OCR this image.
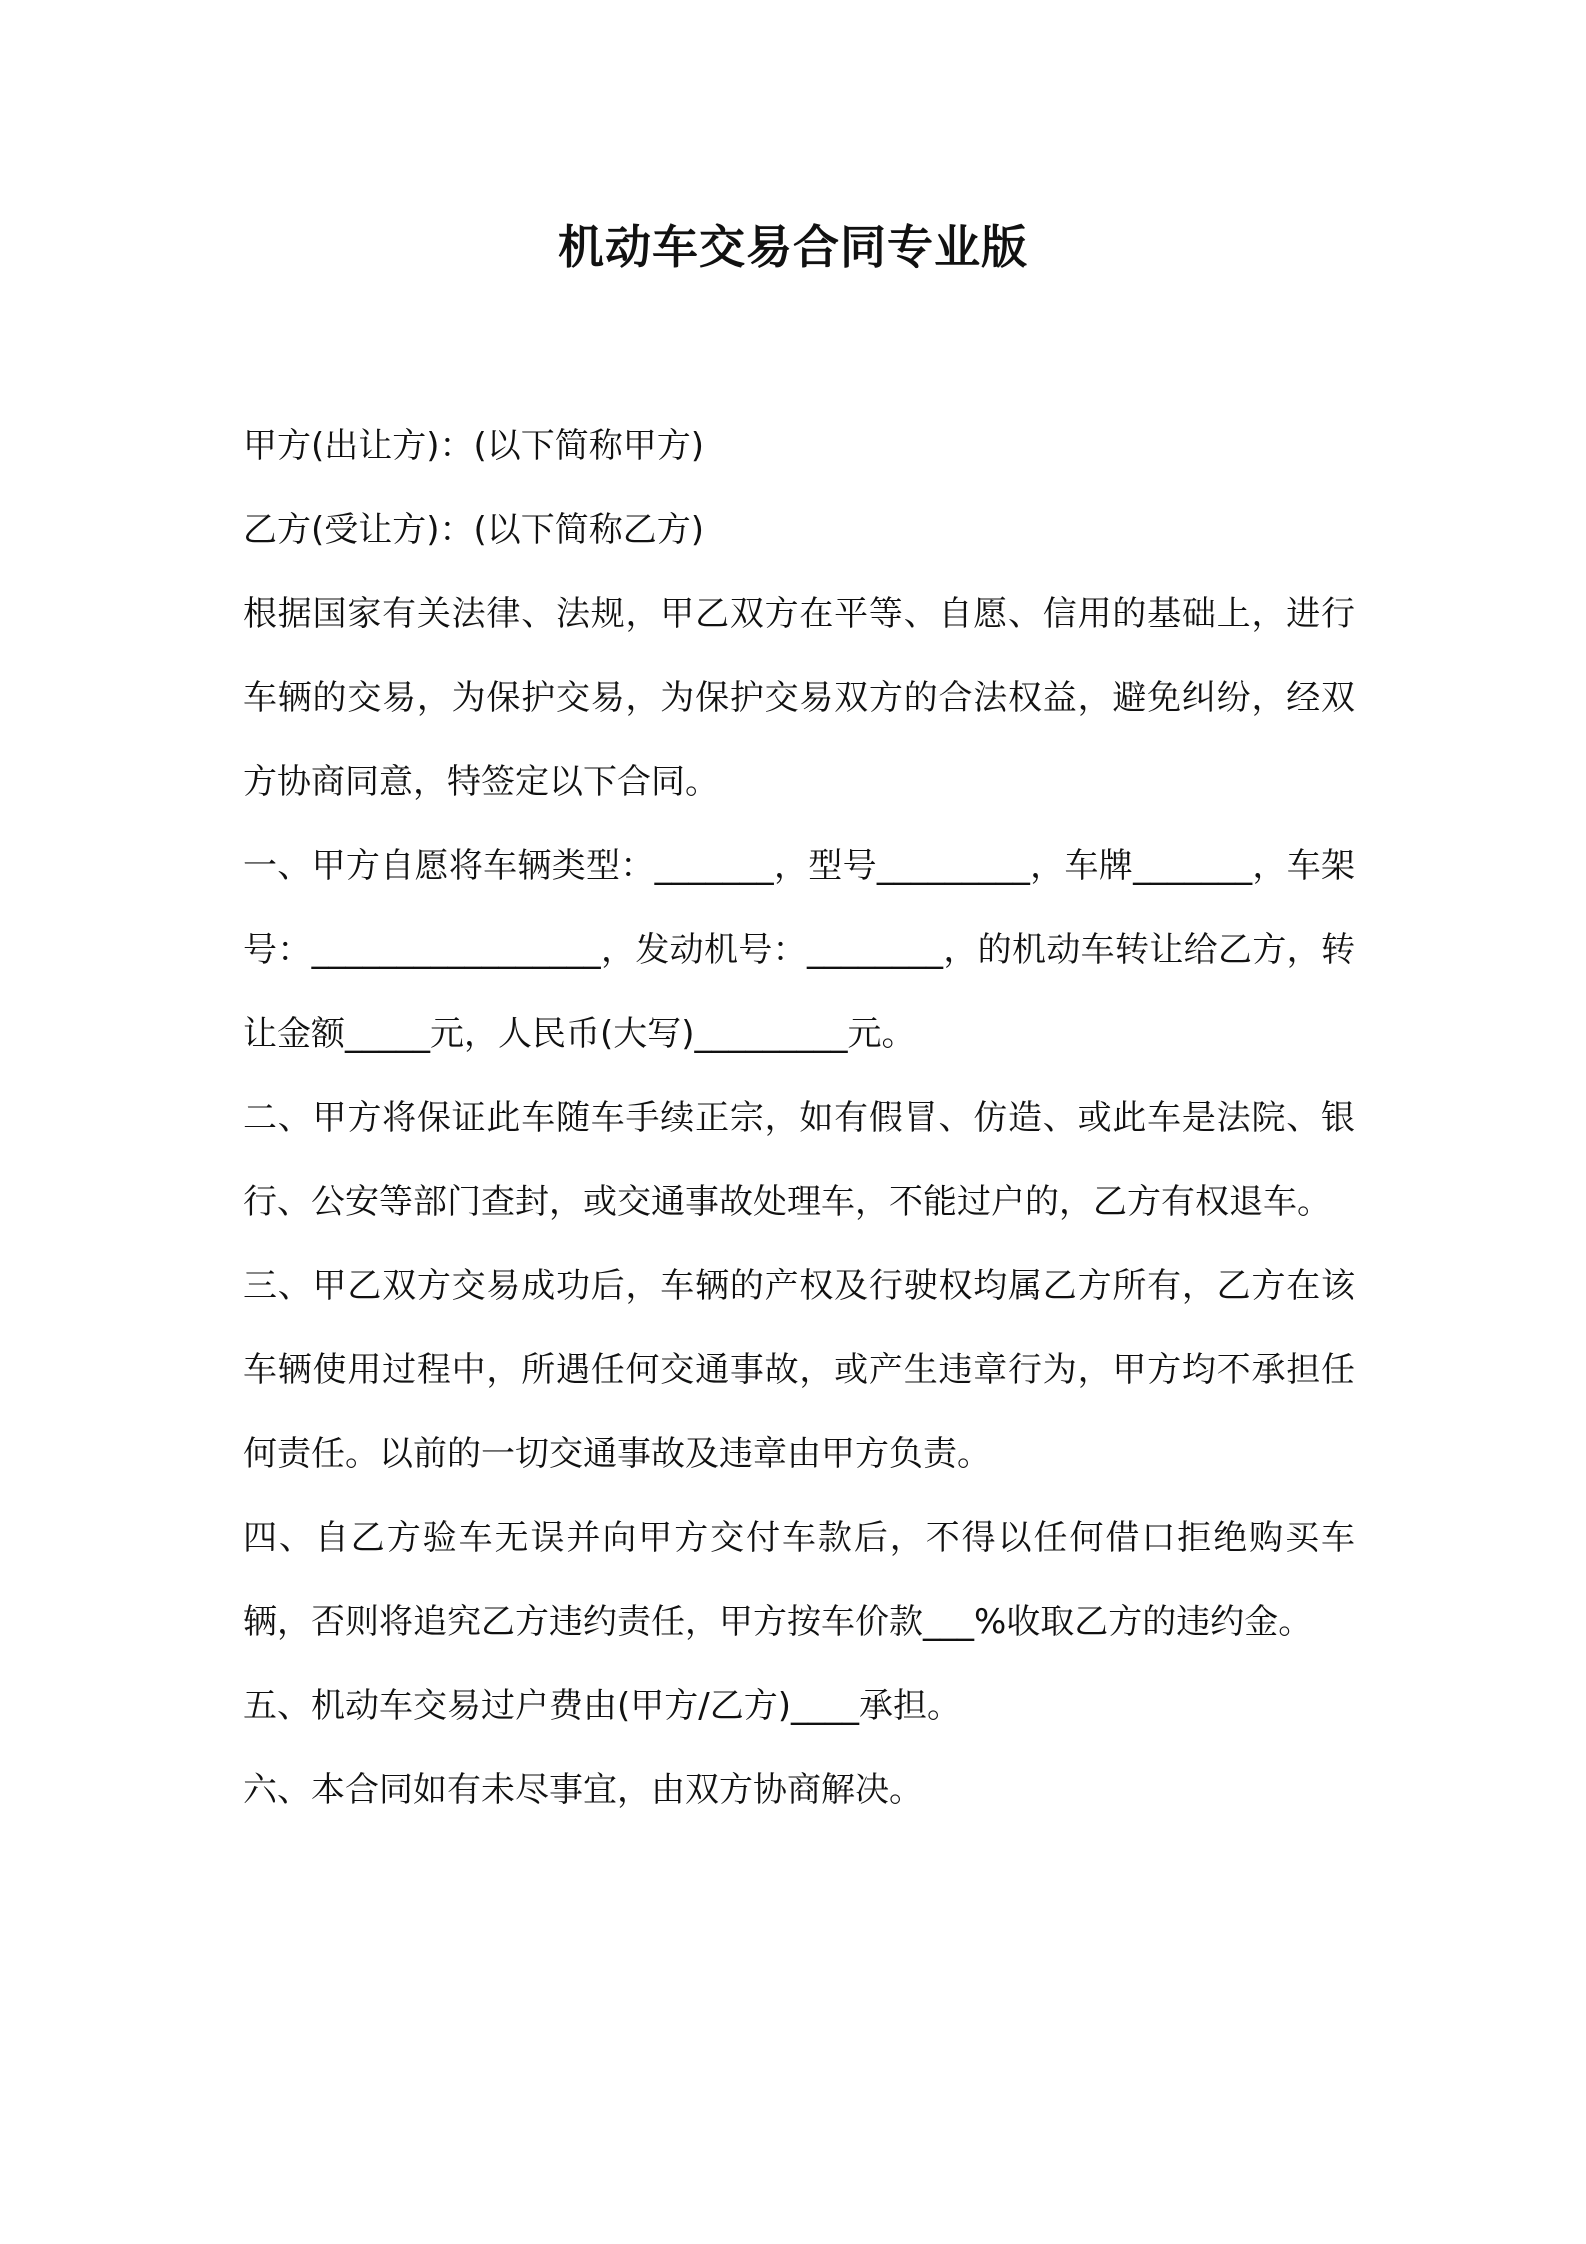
机动车交易合同专业版

甲方(出让方)：(以下简称甲方)

乙方(受让方)：(以下简称乙方)

根据国家有关法律、法规，甲乙双方在平等、自愿、信用的基础上，进行车辆的交易，为保护交易，为保护交易双方的合法权益，避免纠纷，经双方协商同意，特签定以下合同。

一、甲方自愿将车辆类型：_______，型号_________，车牌_______，车架号：_________________，发动机号：________，的机动车转让给乙方，转让金额_____元，人民币(大写)_________元。

二、甲方将保证此车随车手续正宗，如有假冒、仿造、或此车是法院、银行、公安等部门查封，或交通事故处理车，不能过户的，乙方有权退车。

三、甲乙双方交易成功后，车辆的产权及行驶权均属乙方所有，乙方在该车辆使用过程中，所遇任何交通事故，或产生违章行为，甲方均不承担任何责任。以前的一切交通事故及违章由甲方负责。

四、自乙方验车无误并向甲方交付车款后，不得以任何借口拒绝购买车辆，否则将追究乙方违约责任，甲方按车价款___%收取乙方的违约金。

五、机动车交易过户费由(甲方/乙方)____承担。

六、本合同如有未尽事宜，由双方协商解决。
